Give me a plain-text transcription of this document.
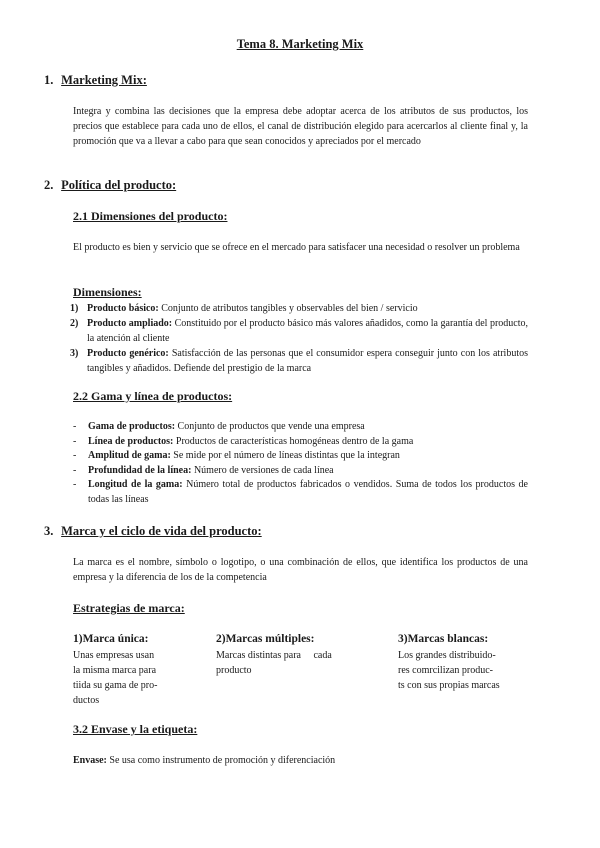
Tema 8. Marketing Mix
1. Marketing Mix:
Integra y combina las decisiones que la empresa debe adoptar acerca de los atributos de sus productos, los precios que establece para cada uno de ellos, el canal de distribución elegido para acercarlos al cliente final y, la promoción que va a llevar a cabo para que sean conocidos y apreciados por el mercado
2. Política del producto:
2.1 Dimensiones del producto:
El producto es bien y servicio que se ofrece en el mercado para satisfacer una necesidad o resolver un problema
Dimensiones:
1) Producto básico: Conjunto de atributos tangibles y observables del bien / servicio
2) Producto ampliado: Constituido por el producto básico más valores añadidos, como la garantía del producto, la atención al cliente
3) Producto genérico: Satisfacción de las personas que el consumidor espera conseguir junto con los atributos tangibles y añadidos. Defiende del prestigio de la marca
2.2 Gama y línea de productos:
- Gama de productos: Conjunto de productos que vende una empresa
- Línea de productos: Productos de características homogéneas dentro de la gama
- Amplitud de gama: Se mide por el número de líneas distintas que la integran
- Profundidad de la línea: Número de versiones de cada línea
- Longitud de la gama: Número total de productos fabricados o vendidos. Suma de todos los productos de todas las líneas
3. Marca y el ciclo de vida del producto:
La marca es el nombre, símbolo o logotipo, o una combinación de ellos, que identifica los productos de una empresa y la diferencia de los de la competencia
Estrategias de marca:
1)Marca única:
Unas empresas usan
la misma marca para
tiida su gama de pro-
ductos
2)Marcas múltiples:
Marcas distintas para     cada
producto
3)Marcas blancas:
Los grandes distribuido-
res comrcilizan produc-
ts con sus propias marcas
3.2 Envase y la etiqueta:
Envase: Se usa como instrumento de promoción y diferenciación
